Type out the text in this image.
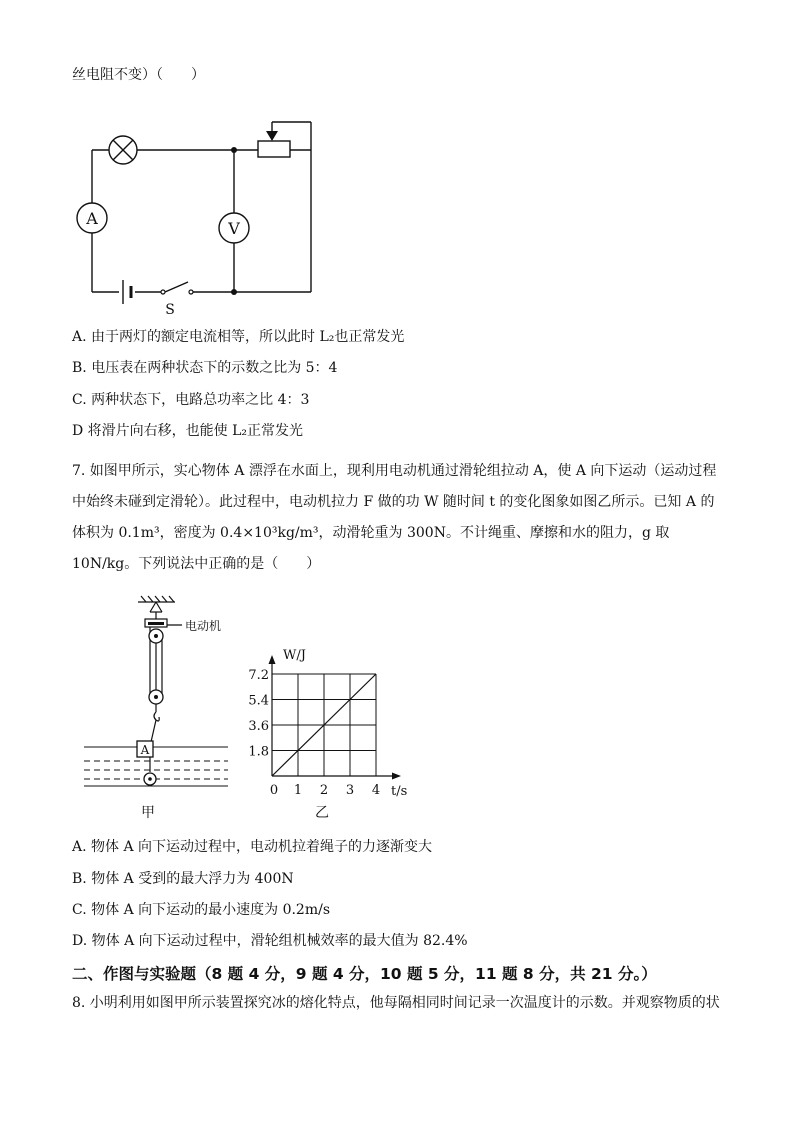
丝电阻不变）（　　）
A
V
S
A. 由于两灯的额定电流相等，所以此时 L₂也正常发光
B. 电压表在两种状态下的示数之比为 5：4
C. 两种状态下，电路总功率之比 4：3
D 将滑片向右移，也能使 L₂正常发光
7. 如图甲所示，实心物体 A 漂浮在水面上，现利用电动机通过滑轮组拉动 A，使 A 向下运动（运动过程中始终未碰到定滑轮）。此过程中，电动机拉力 F 做的功 W 随时间 t 的变化图象如图乙所示。已知 A 的体积为 0.1m³，密度为 0.4×10³kg/m³，动滑轮重为 300N。不计绳重、摩擦和水的阻力，g 取 10N/kg。下列说法中正确的是（　　）
A
电动机
甲
0 1 2 3 4
1.8
3.6
5.4
7.2
W/J
t/s
乙
A. 物体 A 向下运动过程中，电动机拉着绳子的力逐渐变大
B. 物体 A 受到的最大浮力为 400N
C. 物体 A 向下运动的最小速度为 0.2m/s
D. 物体 A 向下运动过程中，滑轮组机械效率的最大值为 82.4%
二、作图与实验题（8 题 4 分，9 题 4 分，10 题 5 分，11 题 8 分，共 21 分。）
8. 小明利用如图甲所示装置探究冰的熔化特点，他每隔相同时间记录一次温度计的示数。并观察物质的状
